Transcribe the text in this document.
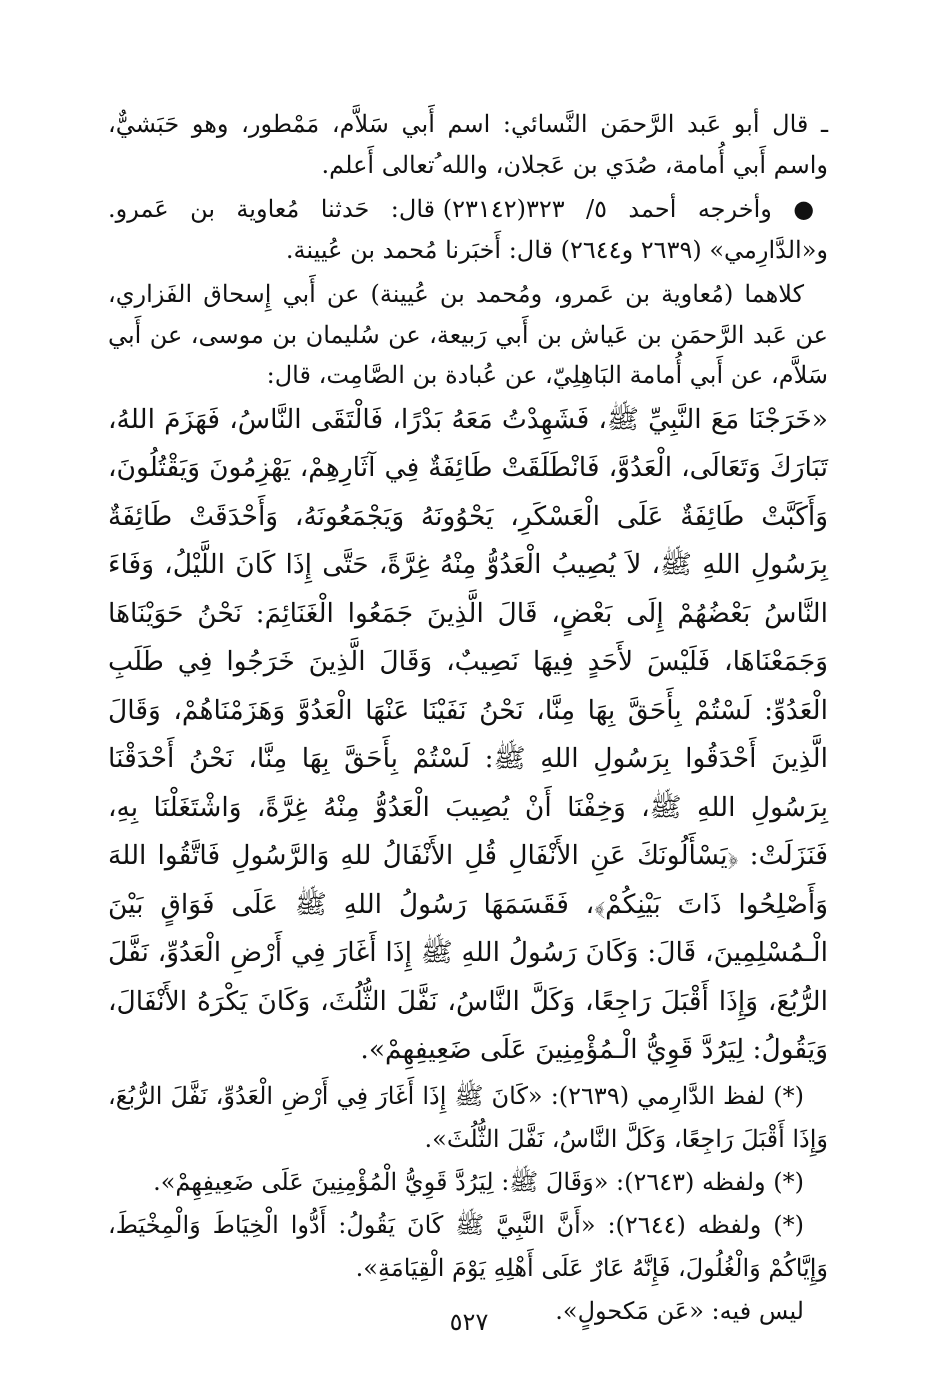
ـ قال أبو عَبد الرَّحمَن النَّسائي: اسم أَبي سَلاَّم، مَمْطور، وهو حَبَشيٌّ، واسم أَبي أُمامة، صُدَي بن عَجلان، والله ُتعالى أَعلم.

● وأخرجه أحمد ٥/ ٣٢٣(٢٣١٤٢) قال: حَدثنا مُعاوية بن عَمرو. و«الدَّارِمي» (٢٦٣٩ و٢٦٤٤) قال: أَخبَرنا مُحمد بن عُيينة.

كلاهما (مُعاوية بن عَمرو، ومُحمد بن عُيينة) عن أَبي إِسحاق الفَزاري، عن عَبد الرَّحمَن بن عَياش بن أَبي رَبيعة، عن سُليمان بن موسى، عن أَبي سَلاَّم، عن أَبي أُمامة البَاهِلِيّ، عن عُبادة بن الصَّامِت، قال:

«خَرَجْنَا مَعَ النَّبِيِّ ﷺ، فَشَهِدْتُ مَعَهُ بَدْرًا، فَالْتَقَى النَّاسُ، فَهَزَمَ اللهُ، تَبَارَكَ وَتَعَالَى، الْعَدُوَّ، فَانْطَلَقَتْ طَائِفَةٌ فِي آثَارِهِمْ، يَهْزِمُونَ وَيَقْتُلُونَ، وَأَكَبَّتْ طَائِفَةٌ عَلَى الْعَسْكَرِ، يَحْوُونَهُ وَيَجْمَعُونَهُ، وَأَحْدَقَتْ طَائِفَةٌ بِرَسُولِ اللهِ ﷺ، لاَ يُصِيبُ الْعَدُوُّ مِنْهُ غِرَّةً، حَتَّى إِذَا كَانَ اللَّيْلُ، وَفَاءَ النَّاسُ بَعْضُهُمْ إِلَى بَعْضٍ، قَالَ الَّذِينَ جَمَعُوا الْغَنَائِمَ: نَحْنُ حَوَيْنَاهَا وَجَمَعْنَاهَا، فَلَيْسَ لأَحَدٍ فِيهَا نَصِيبٌ، وَقَالَ الَّذِينَ خَرَجُوا فِي طَلَبِ الْعَدُوِّ: لَسْتُمْ بِأَحَقَّ بِهَا مِنَّا، نَحْنُ نَفَيْنَا عَنْهَا الْعَدُوَّ وَهَزَمْنَاهُمْ، وَقَالَ الَّذِينَ أَحْدَقُوا بِرَسُولِ اللهِ ﷺ: لَسْتُمْ بِأَحَقَّ بِهَا مِنَّا، نَحْنُ أَحْدَقْنَا بِرَسُولِ اللهِ ﷺ، وَخِفْنَا أَنْ يُصِيبَ الْعَدُوُّ مِنْهُ غِرَّةً، وَاشْتَغَلْنَا بِهِ، فَنَزَلَتْ: ﴿يَسْأَلُونَكَ عَنِ الأَنْفَالِ قُلِ الأَنْفَالُ للهِ وَالرَّسُولِ فَاتَّقُوا اللهَ وَأَصْلِحُوا ذَاتَ بَيْنِكُمْ﴾، فَقَسَمَهَا رَسُولُ اللهِ ﷺ عَلَى فَوَاقٍ بَيْنَ الْـمُسْلِمِينَ، قَالَ: وَكَانَ رَسُولُ اللهِ ﷺ إِذَا أَغَارَ فِي أَرْضِ الْعَدُوِّ، نَفَّلَ الرُّبُعَ، وَإِذَا أَقْبَلَ رَاجِعًا، وَكَلَّ النَّاسُ، نَفَّلَ الثُّلُثَ، وَكَانَ يَكْرَهُ الأَنْفَالَ، وَيَقُولُ: لِيَرُدَّ قَوِيُّ الْـمُؤْمِنِينَ عَلَى ضَعِيفِهِمْ».

(*) لفظ الدَّارِمي (٢٦٣٩): «كَانَ ﷺ إِذَا أَغَارَ فِي أَرْضِ الْعَدُوِّ، نَفَّلَ الرُّبُعَ، وَإِذَا أَقْبَلَ رَاجِعًا، وَكَلَّ النَّاسُ، نَفَّلَ الثُّلُثَ».

(*) ولفظه (٢٦٤٣): «وَقَالَ ﷺ: لِيَرُدَّ قَوِيُّ الْمُؤْمِنِينَ عَلَى ضَعِيفِهِمْ».

(*) ولفظه (٢٦٤٤): «أَنَّ النَّبِيَّ ﷺ كَانَ يَقُولُ: أَدُّوا الْخِيَاطَ وَالْمِخْيَطَ، وَإِيَّاكُمْ وَالْغُلُولَ، فَإِنَّهُ عَارٌ عَلَى أَهْلِهِ يَوْمَ الْقِيَامَةِ».

ليس فيه: «عَن مَكحولٍ».

٥٢٧
